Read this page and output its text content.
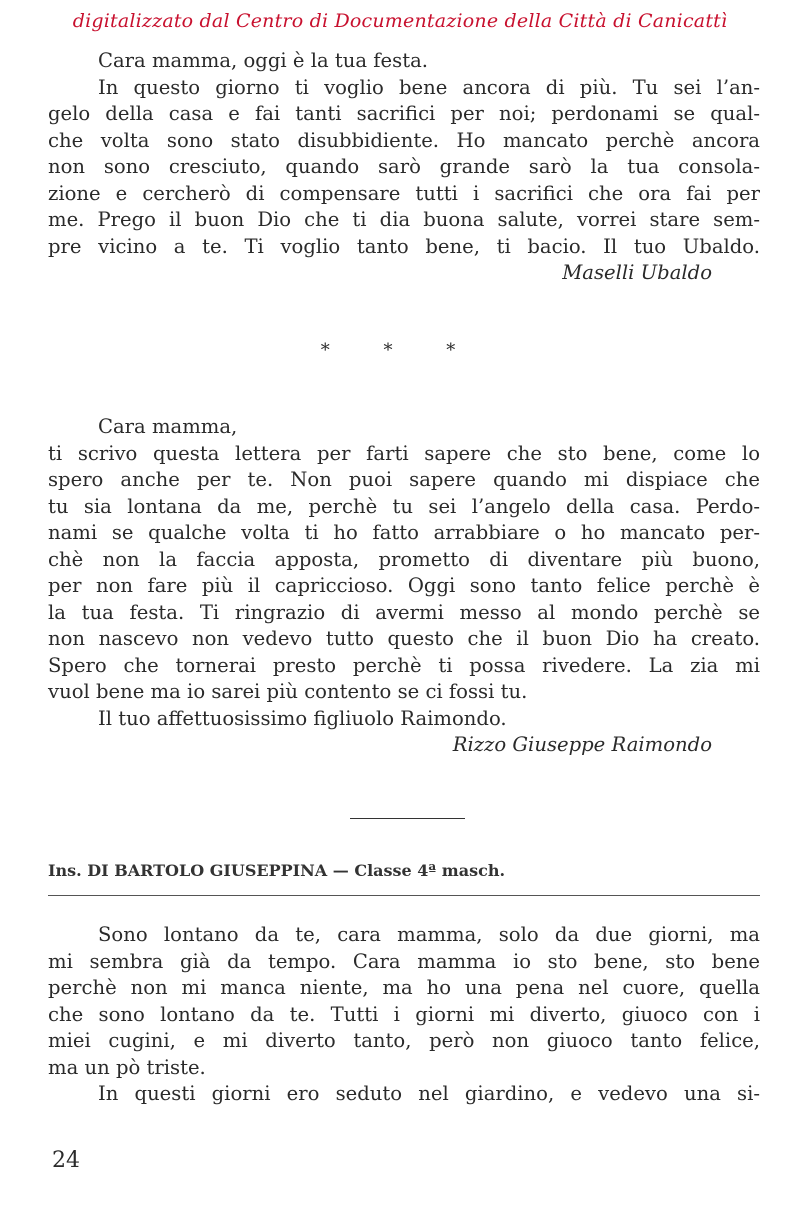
digitalizzato dal Centro di Documentazione della Città di Canicattì
Cara mamma, oggi è la tua festa.
In questo giorno ti voglio bene ancora di più. Tu sei l’an-
gelo della casa e fai tanti sacrifici per noi; perdonami se qual-
che volta sono stato disubbidiente. Ho mancato perchè ancora
non sono cresciuto, quando sarò grande sarò la tua consola-
zione e cercherò di compensare tutti i sacrifici che ora fai per
me. Prego il buon Dio che ti dia buona salute, vorrei stare sem-
pre vicino a te. Ti voglio tanto bene, ti bacio. Il tuo Ubaldo.
Maselli Ubaldo
* * *
Cara mamma,
ti scrivo questa lettera per farti sapere che sto bene, come lo
spero anche per te. Non puoi sapere quando mi dispiace che
tu sia lontana da me, perchè tu sei l’angelo della casa. Perdo-
nami se qualche volta ti ho fatto arrabbiare o ho mancato per-
chè non la faccia apposta, prometto di diventare più buono,
per non fare più il capriccioso. Oggi sono tanto felice perchè è
la tua festa. Ti ringrazio di avermi messo al mondo perchè se
non nascevo non vedevo tutto questo che il buon Dio ha creato.
Spero che tornerai presto perchè ti possa rivedere. La zia mi
vuol bene ma io sarei più contento se ci fossi tu.
Il tuo affettuosissimo figliuolo Raimondo.
Rizzo Giuseppe Raimondo
Ins. DI BARTOLO GIUSEPPINA — Classe 4ª masch.
Sono lontano da te, cara mamma, solo da due giorni, ma
mi sembra già da tempo. Cara mamma io sto bene, sto bene
perchè non mi manca niente, ma ho una pena nel cuore, quella
che sono lontano da te. Tutti i giorni mi diverto, giuoco con i
miei cugini, e mi diverto tanto, però non giuoco tanto felice,
ma un pò triste.
In questi giorni ero seduto nel giardino, e vedevo una si-
24
